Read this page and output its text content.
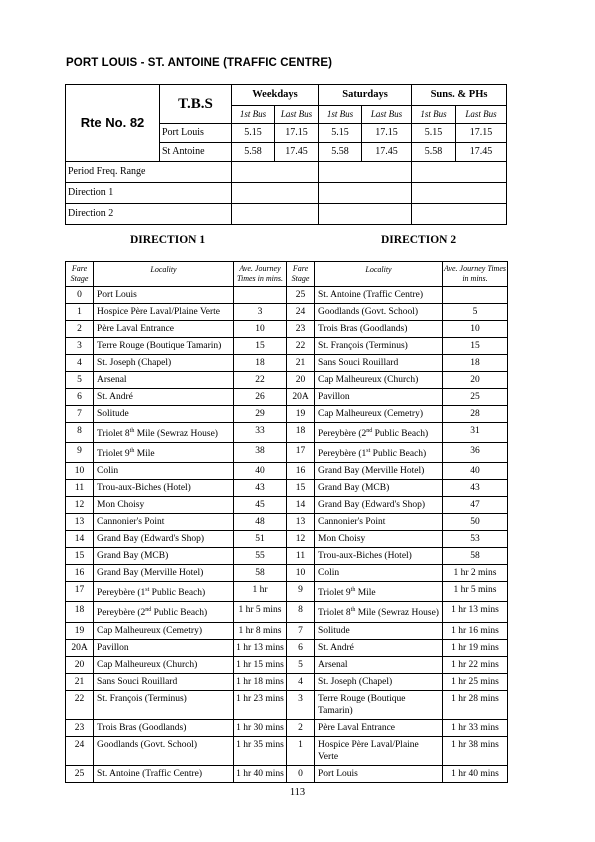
PORT LOUIS - ST. ANTOINE (TRAFFIC CENTRE)
Rte No. 82	T.B.S	Weekdays		Saturdays		Suns. & PHs	
		1st Bus	Last Bus	1st Bus	Last Bus	1st Bus	Last Bus
	Port Louis	5.15	17.15	5.15	17.15	5.15	17.15
	St Antoine	5.58	17.45	5.58	17.45	5.58	17.45
Period Freq. Range							
Direction 1							
Direction 2							
DIRECTION 1	DIRECTION 2
Fare Stage	Locality	Ave. Journey Times in mins.	Fare Stage	Locality	Ave. Journey Times in mins.
0	Port Louis		25	St. Antoine (Traffic Centre)	
1	Hospice Père Laval/Plaine Verte	3	24	Goodlands (Govt. School)	5
2	Père Laval Entrance	10	23	Trois Bras (Goodlands)	10
3	Terre Rouge (Boutique Tamarin)	15	22	St. François (Terminus)	15
4	St. Joseph (Chapel)	18	21	Sans Souci Rouillard	18
5	Arsenal	22	20	Cap Malheureux (Church)	20
6	St. André	26	20A	Pavillon	25
7	Solitude	29	19	Cap Malheureux (Cemetry)	28
8	Triolet 8th Mile (Sewraz House)	33	18	Pereybère (2nd Public Beach)	31
9	Triolet 9th Mile	38	17	Pereybère (1st Public Beach)	36
10	Colin	40	16	Grand Bay (Merville Hotel)	40
11	Trou-aux-Biches (Hotel)	43	15	Grand Bay (MCB)	43
12	Mon Choisy	45	14	Grand Bay (Edward's Shop)	47
13	Cannonier's Point	48	13	Cannonier's Point	50
14	Grand Bay (Edward's Shop)	51	12	Mon Choisy	53
15	Grand Bay (MCB)	55	11	Trou-aux-Biches (Hotel)	58
16	Grand Bay (Merville Hotel)	58	10	Colin	1 hr 2 mins
17	Pereybère (1st Public Beach)	1 hr	9	Triolet 9th Mile	1 hr 5 mins
18	Pereybère (2nd Public Beach)	1 hr 5 mins	8	Triolet 8th Mile (Sewraz House)	1 hr 13 mins
19	Cap Malheureux (Cemetry)	1 hr 8 mins	7	Solitude	1 hr 16 mins
20A	Pavillon	1 hr 13 mins	6	St. André	1 hr 19 mins
20	Cap Malheureux (Church)	1 hr 15 mins	5	Arsenal	1 hr 22 mins
21	Sans Souci Rouillard	1 hr 18 mins	4	St. Joseph (Chapel)	1 hr 25 mins
22	St. François (Terminus)	1 hr 23 mins	3	Terre Rouge (Boutique Tamarin)	1 hr 28 mins
23	Trois Bras (Goodlands)	1 hr 30 mins	2	Père Laval Entrance	1 hr 33 mins
24	Goodlands (Govt. School)	1 hr 35 mins	1	Hospice Père Laval/Plaine Verte	1 hr 38 mins
25	St. Antoine (Traffic Centre)	1 hr 40 mins	0	Port Louis	1 hr 40 mins
113
